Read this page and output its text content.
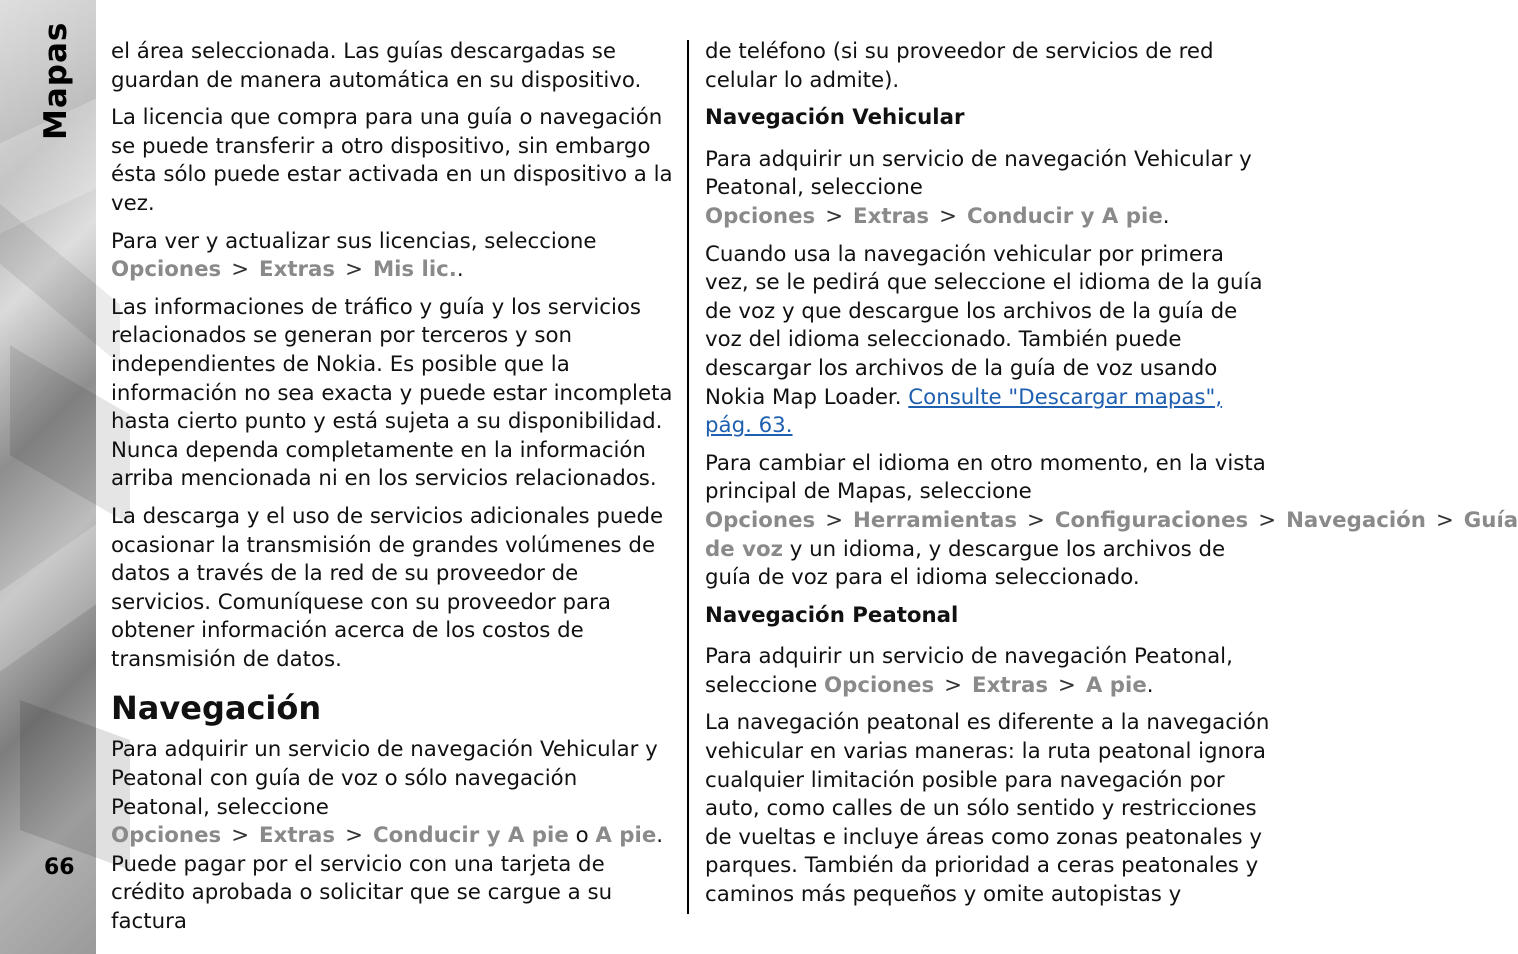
Mapas
66

el área seleccionada. Las guías descargadas se guardan de manera automática en su dispositivo.

La licencia que compra para una guía o navegación se puede transferir a otro dispositivo, sin embargo ésta sólo puede estar activada en un dispositivo a la vez.

Para ver y actualizar sus licencias, seleccione
Opciones > Extras > Mis lic..

Las informaciones de tráfico y guía y los servicios relacionados se generan por terceros y son independientes de Nokia. Es posible que la información no sea exacta y puede estar incompleta hasta cierto punto y está sujeta a su disponibilidad. Nunca dependa completamente en la información arriba mencionada ni en los servicios relacionados.

La descarga y el uso de servicios adicionales puede ocasionar la transmisión de grandes volúmenes de datos a través de la red de su proveedor de servicios. Comuníquese con su proveedor para obtener información acerca de los costos de transmisión de datos.

Navegación

Para adquirir un servicio de navegación Vehicular y Peatonal con guía de voz o sólo navegación Peatonal, seleccione Opciones > Extras > Conducir y A pie o A pie. Puede pagar por el servicio con una tarjeta de crédito aprobada o solicitar que se cargue a su factura

de teléfono (si su proveedor de servicios de red celular lo admite).

Navegación Vehicular

Para adquirir un servicio de navegación Vehicular y Peatonal, seleccione Opciones > Extras > Conducir y A pie.

Cuando usa la navegación vehicular por primera vez, se le pedirá que seleccione el idioma de la guía de voz y que descargue los archivos de la guía de voz del idioma seleccionado. También puede descargar los archivos de la guía de voz usando Nokia Map Loader. Consulte "Descargar mapas", pág. 63.

Para cambiar el idioma en otro momento, en la vista principal de Mapas, seleccione Opciones > Herramientas > Configuraciones > Navegación > Guía de voz y un idioma, y descargue los archivos de guía de voz para el idioma seleccionado.

Navegación Peatonal

Para adquirir un servicio de navegación Peatonal, seleccione Opciones > Extras > A pie.

La navegación peatonal es diferente a la navegación vehicular en varias maneras: la ruta peatonal ignora cualquier limitación posible para navegación por auto, como calles de un sólo sentido y restricciones de vueltas e incluye áreas como zonas peatonales y parques. También da prioridad a ceras peatonales y caminos más pequeños y omite autopistas y
